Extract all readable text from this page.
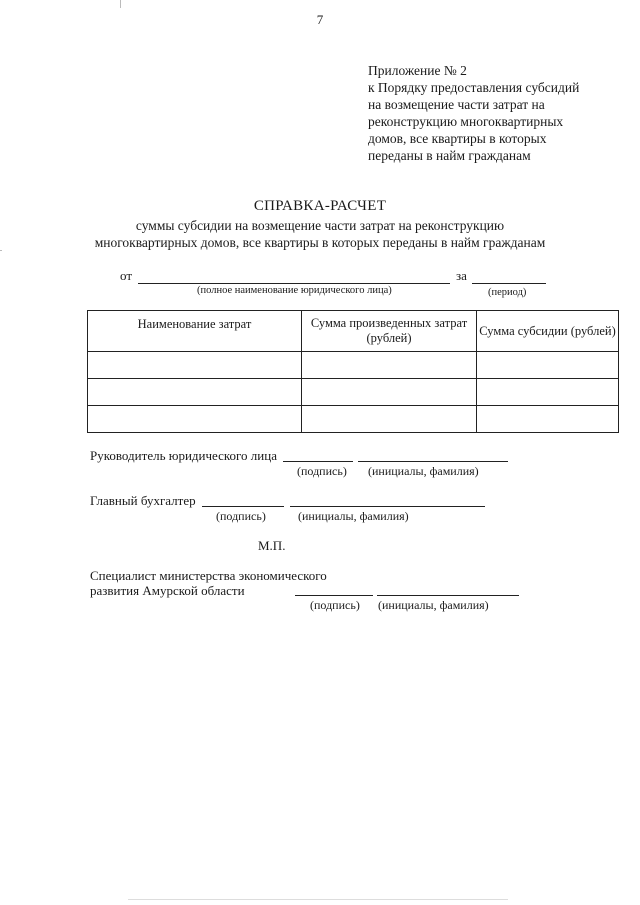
7
Приложение № 2
к Порядку предоставления субсидий
на возмещение части затрат на
реконструкцию многоквартирных
домов, все квартиры в которых
переданы в найм гражданам
СПРАВКА-РАСЧЕТ
суммы субсидии на возмещение части затрат на реконструкцию
многоквартирных домов, все квартиры в которых переданы в найм гражданам
от	за
(полное наименование юридического лица)	(период)
Наименование затрат	Сумма произведенных затрат (рублей)	Сумма субсидии (рублей)

Руководитель юридического лица
(подпись) (инициалы, фамилия)
Главный бухгалтер
(подпись)	(инициалы, фамилия)
М.П.
Специалист министерства экономического
развития Амурской области
(подпись) (инициалы, фамилия)
